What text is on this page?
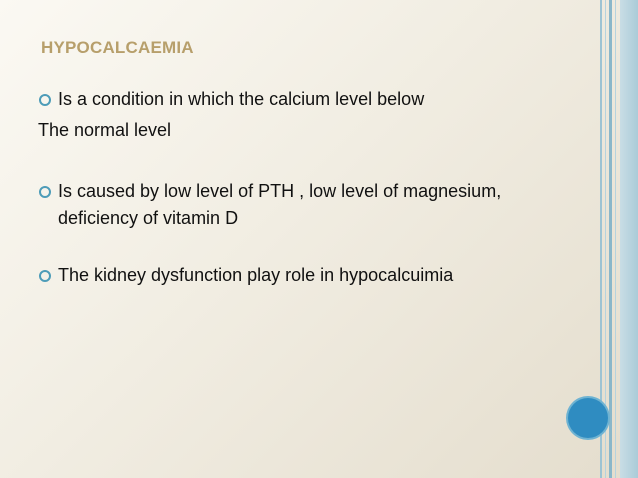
HYPOCALCAEMIA
Is a condition in which the calcium level below
The normal level
Is caused by low level of PTH , low level of magnesium,
deficiency of vitamin D
The kidney dysfunction play role in hypocalcuimia
